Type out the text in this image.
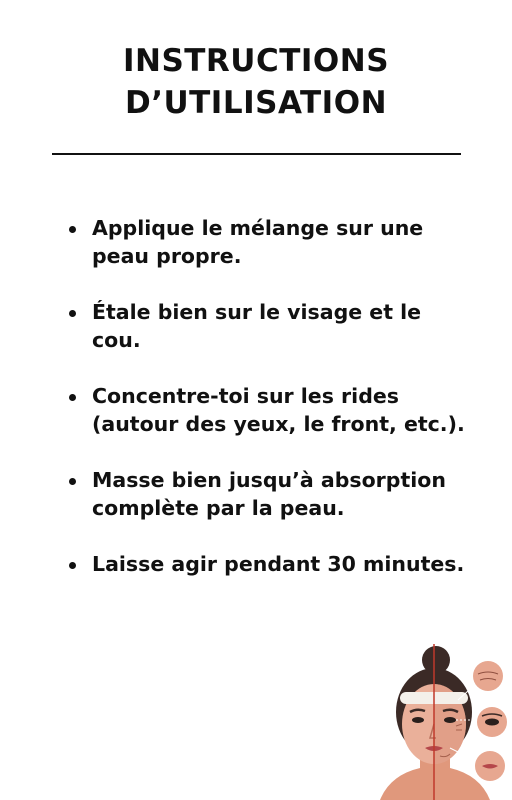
INSTRUCTIONS
D’UTILISATION
Applique le mélange sur une peau propre.
Étale bien sur le visage et le cou.
Concentre-toi sur les rides (autour des yeux, le front, etc.).
Masse bien jusqu’à absorption complète par la peau.
Laisse agir pendant 30 minutes.
